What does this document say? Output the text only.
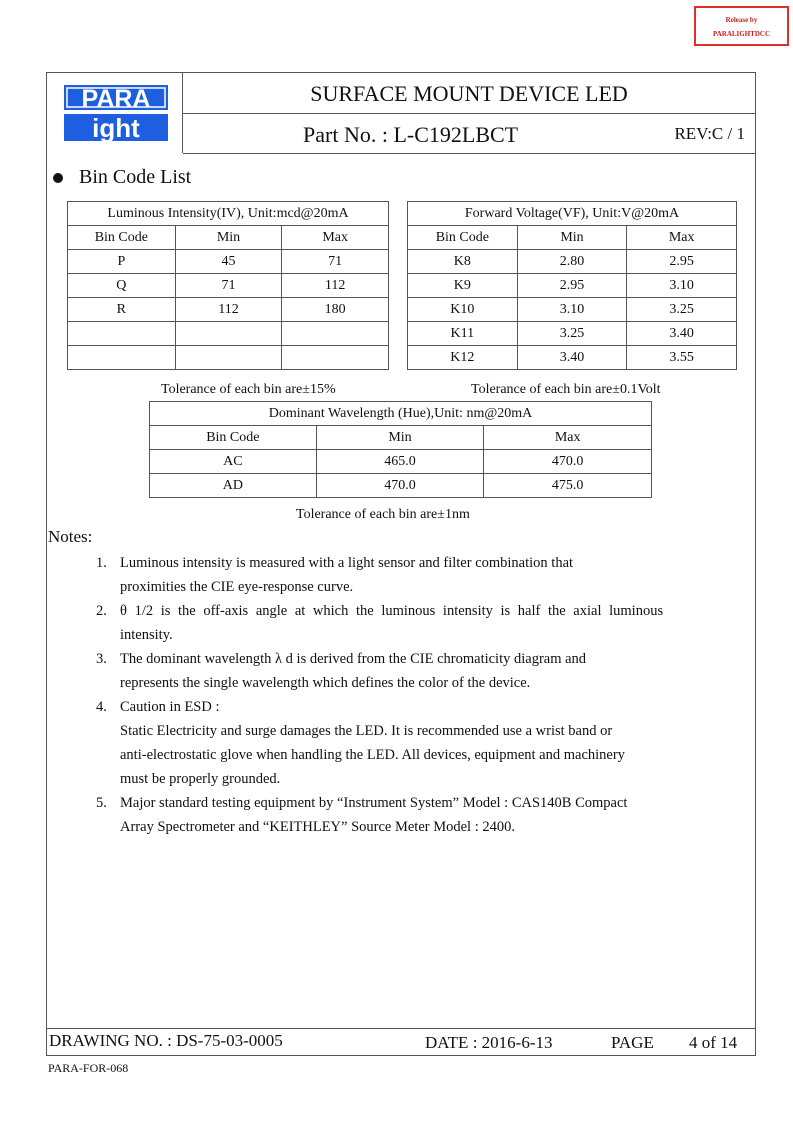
Release by
PARALIGHTDCC
PARA
ight
SURFACE MOUNT DEVICE LED
Part No. : L-C192LBCT	REV:C / 1
Bin Code List
Luminous Intensity(IV), Unit:mcd@20mA		
Bin Code	Min	Max
P	45	71
Q	71	112
R	112	180

Forward Voltage(VF), Unit:V@20mA		
Bin Code	Min	Max
K8	2.80	2.95
K9	2.95	3.10
K10	3.10	3.25
K11	3.25	3.40
K12	3.40	3.55
Tolerance of each bin are±15%	Tolerance of each bin are±0.1Volt
Dominant Wavelength (Hue),Unit: nm@20mA		
Bin Code	Min	Max
AC	465.0	470.0
AD	470.0	475.0
Tolerance of each bin are±1nm
DRAWING NO. : DS-75-03-0005	DATE : 2016-6-13	PAGE 4 of 14
Notes:
1. Luminous intensity is measured with a light sensor and filter combination that
proximities the CIE eye-response curve.
2. θ 1/2 is the off-axis angle at which the luminous intensity is half the axial luminous
intensity.
3. The dominant wavelength λ d is derived from the CIE chromaticity diagram and
represents the single wavelength which defines the color of the device.
4. Caution in ESD :
Static Electricity and surge damages the LED. It is recommended use a wrist band or
anti-electrostatic glove when handling the LED. All devices, equipment and machinery
must be properly grounded.
5. Major standard testing equipment by “Instrument System” Model : CAS140B Compact
Array Spectrometer and “KEITHLEY” Source Meter Model : 2400.
PARA-FOR-068
